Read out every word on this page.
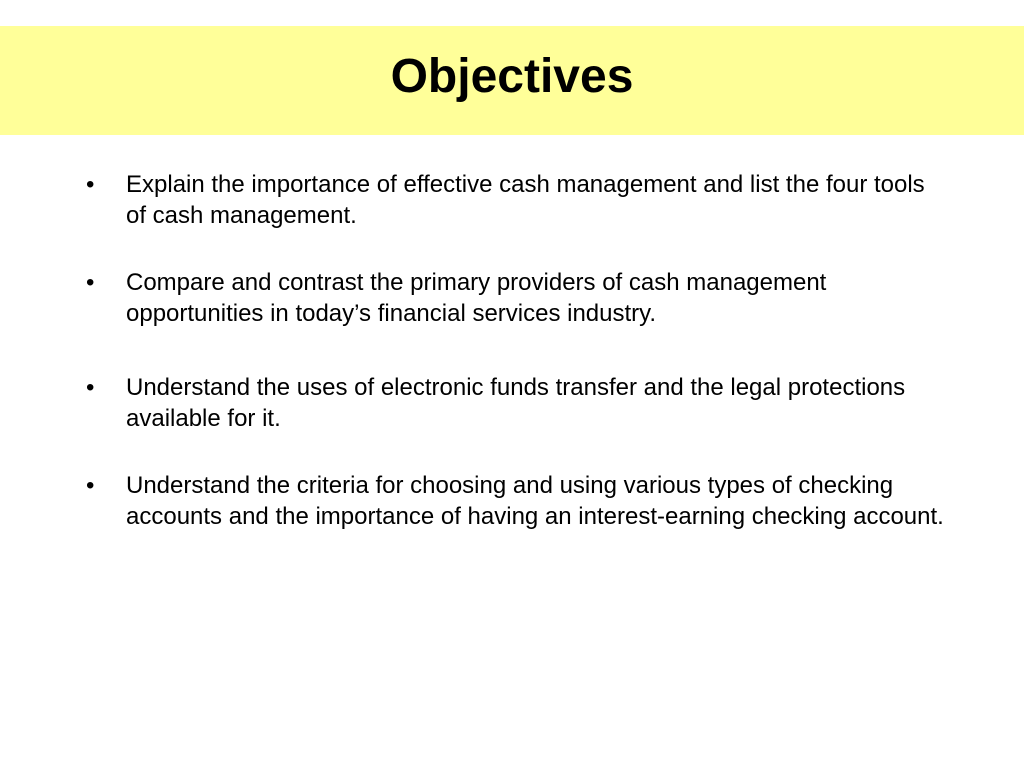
Objectives
•	Explain the importance of effective cash management and list the four tools of cash management.
•	Compare and contrast the primary providers of cash management opportunities in today’s financial services industry.
•	Understand the uses of electronic funds transfer and the legal protections available for it.
•	Understand the criteria for choosing and using various types of checking accounts and the importance of having an interest-earning checking account.
